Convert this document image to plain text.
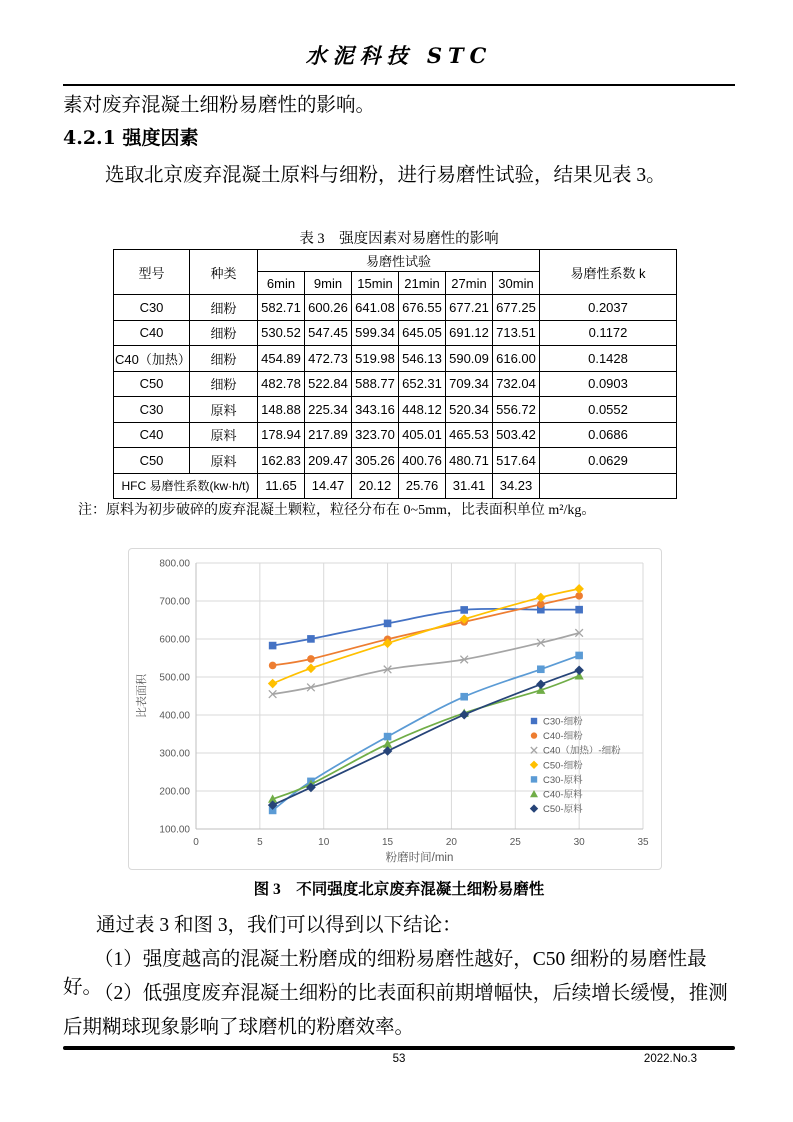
水泥科技 STC

素对废弃混凝土细粉易磨性的影响。

4.2.1 强度因素

选取北京废弃混凝土原料与细粉，进行易磨性试验，结果见表 3。

表 3　强度因素对易磨性的影响
型号	种类	易磨性试验						易磨性系数 k
		6min	9min	15min	21min	27min	30min	
C30	细粉	582.71	600.26	641.08	676.55	677.21	677.25	0.2037
C40	细粉	530.52	547.45	599.34	645.05	691.12	713.51	0.1172
C40（加热）	细粉	454.89	472.73	519.98	546.13	590.09	616.00	0.1428
C50	细粉	482.78	522.84	588.77	652.31	709.34	732.04	0.0903
C30	原料	148.88	225.34	343.16	448.12	520.34	556.72	0.0552
C40	原料	178.94	217.89	323.70	405.01	465.53	503.42	0.0686
C50	原料	162.83	209.47	305.26	400.76	480.71	517.64	0.0629
HFC 易磨性系数(kw·h/t)		11.65	14.47	20.12	25.76	31.41	34.23	

注：原料为初步破碎的废弃混凝土颗粒，粒径分布在 0~5mm，比表面积单位 m²/kg。

100.00
200.00
300.00
400.00
500.00
600.00
700.00
800.00
0	5	10	15	20	25	30	35
比表面积
粉磨时间/min
C30-细粉
C40-细粉
C40（加热）-细粉
C50-细粉
C30-原料
C40-原料
C50-原料
图 3　不同强度北京废弃混凝土细粉易磨性

通过表 3 和图 3，我们可以得到以下结论：

（1）强度越高的混凝土粉磨成的细粉易磨性越好，C50 细粉的易磨性最好。

（2）低强度废弃混凝土细粉的比表面积前期增幅快，后续增长缓慢，推测后期糊球现象影响了球磨机的粉磨效率。

53	2022.No.3
